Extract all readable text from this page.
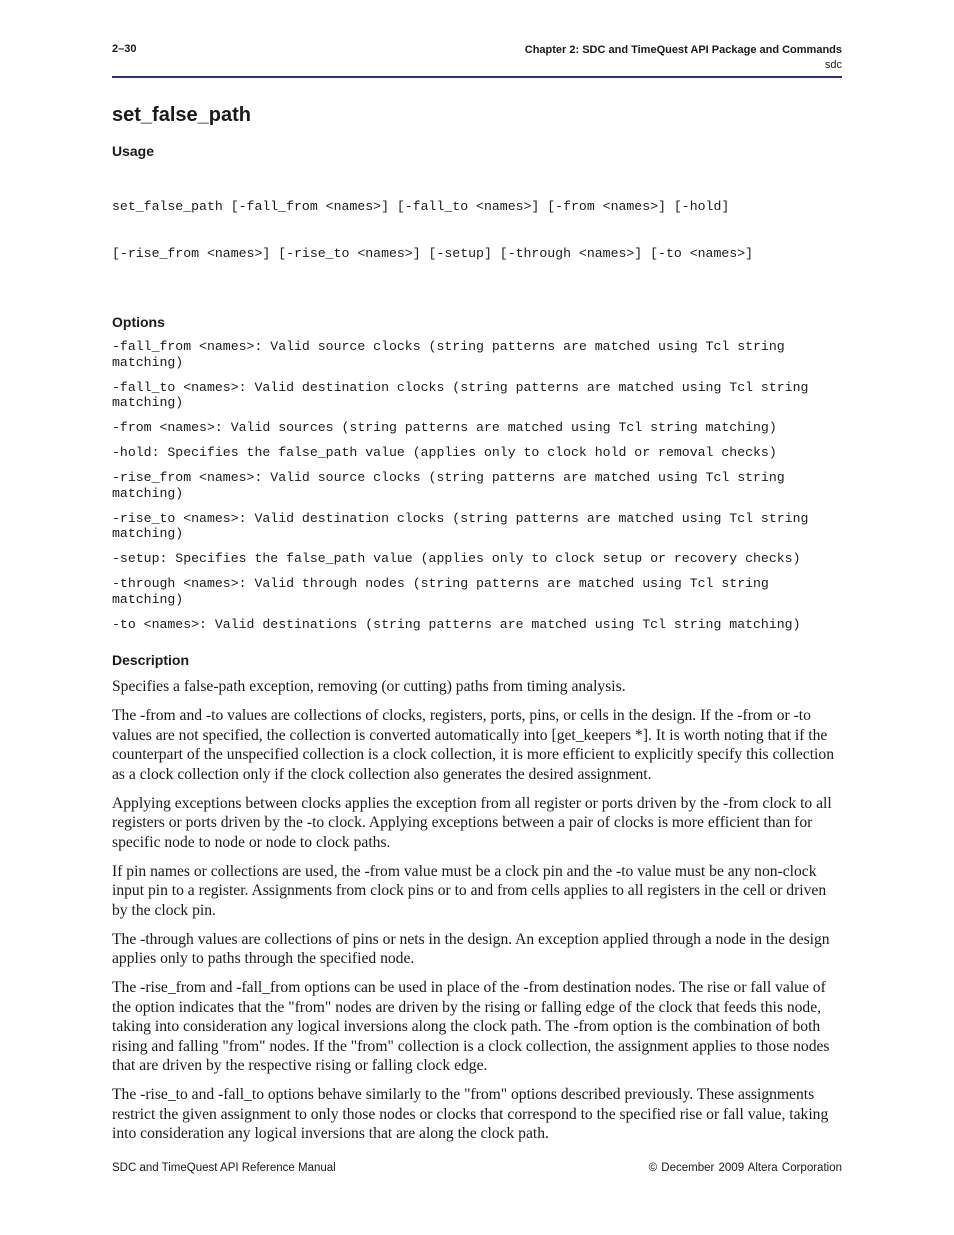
2–30	Chapter 2: SDC and TimeQuest API Package and Commands
sdc
set_false_path
Usage

set_false_path [-fall_from <names>] [-fall_to <names>] [-from <names>] [-hold]

[-rise_from <names>] [-rise_to <names>] [-setup] [-through <names>] [-to <names>]

Options
-fall_from <names>: Valid source clocks (string patterns are matched using Tcl string matching)
-fall_to <names>: Valid destination clocks (string patterns are matched using Tcl string matching)
-from <names>: Valid sources (string patterns are matched using Tcl string matching)
-hold: Specifies the false_path value (applies only to clock hold or removal checks)
-rise_from <names>: Valid source clocks (string patterns are matched using Tcl string matching)
-rise_to <names>: Valid destination clocks (string patterns are matched using Tcl string matching)
-setup: Specifies the false_path value (applies only to clock setup or recovery checks)
-through <names>: Valid through nodes (string patterns are matched using Tcl string matching)
-to <names>: Valid destinations (string patterns are matched using Tcl string matching)
Description

Specifies a false-path exception, removing (or cutting) paths from timing analysis.

The -from and -to values are collections of clocks, registers, ports, pins, or cells in the design. If the -from or -to values are not specified, the collection is converted automatically into [get_keepers *]. It is worth noting that if the counterpart of the unspecified collection is a clock collection, it is more efficient to explicitly specify this collection as a clock collection only if the clock collection also generates the desired assignment.

Applying exceptions between clocks applies the exception from all register or ports driven by the -from clock to all registers or ports driven by the -to clock. Applying exceptions between a pair of clocks is more efficient than for specific node to node or node to clock paths.

If pin names or collections are used, the -from value must be a clock pin and the -to value must be any non-clock input pin to a register. Assignments from clock pins or to and from cells applies to all registers in the cell or driven by the clock pin.

The -through values are collections of pins or nets in the design. An exception applied through a node in the design applies only to paths through the specified node.

The -rise_from and -fall_from options can be used in place of the -from destination nodes. The rise or fall value of the option indicates that the "from" nodes are driven by the rising or falling edge of the clock that feeds this node, taking into consideration any logical inversions along the clock path. The -from option is the combination of both rising and falling "from" nodes. If the "from" collection is a clock collection, the assignment applies to those nodes that are driven by the respective rising or falling clock edge.

The -rise_to and -fall_to options behave similarly to the "from" options described previously. These assignments restrict the given assignment to only those nodes or clocks that correspond to the specified rise or fall value, taking into consideration any logical inversions that are along the clock path.

SDC and TimeQuest API Reference Manual	© December 2009 Altera Corporation
